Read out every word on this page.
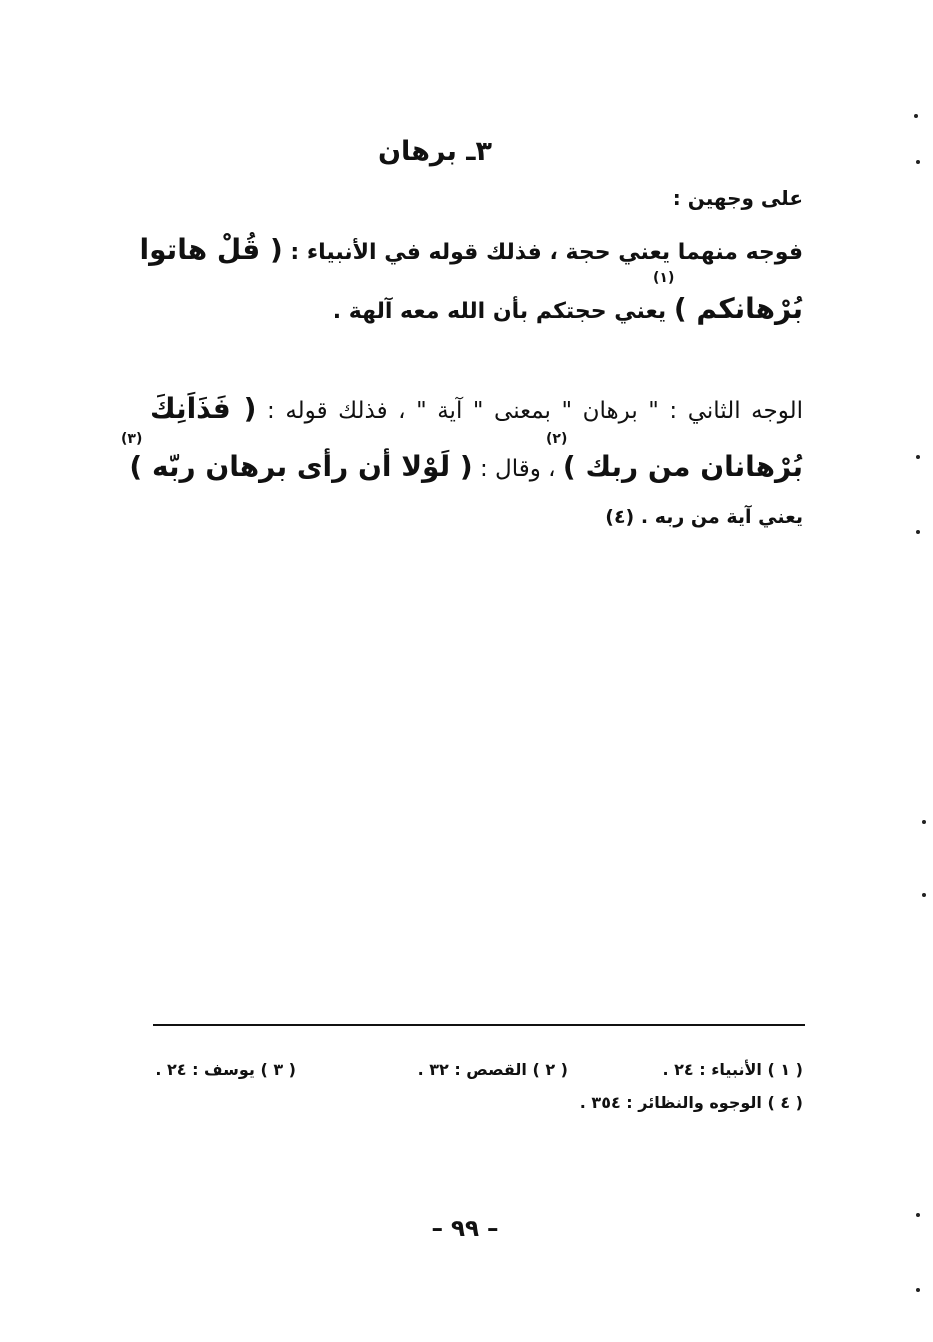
٣ـ برهان
على وجهين :
فوجه منهما يعني حجة ، فذلك قوله في الأنبياء : ( قُلْ هاتوا
(١)
بُرْهانكم ) يعني حجتكم بأن الله معه آلهة .
الوجه الثاني : " برهان " بمعنى " آية " ، فذلك قوله : ( فَذَاَنِكَ
(٢)
(٣)
بُرْهانان من ربك ) ، وقال : ( لَوْلا أن رأى برهان ربّه )
يعني آية من ربه . (٤)
( ١ ) الأنبياء : ٢٤ .
( ٢ ) القصص : ٣٢ .
( ٣ ) يوسف : ٢٤ .
( ٤ ) الوجوه والنظائر : ٣٥٤ .
– ٩٩ –
